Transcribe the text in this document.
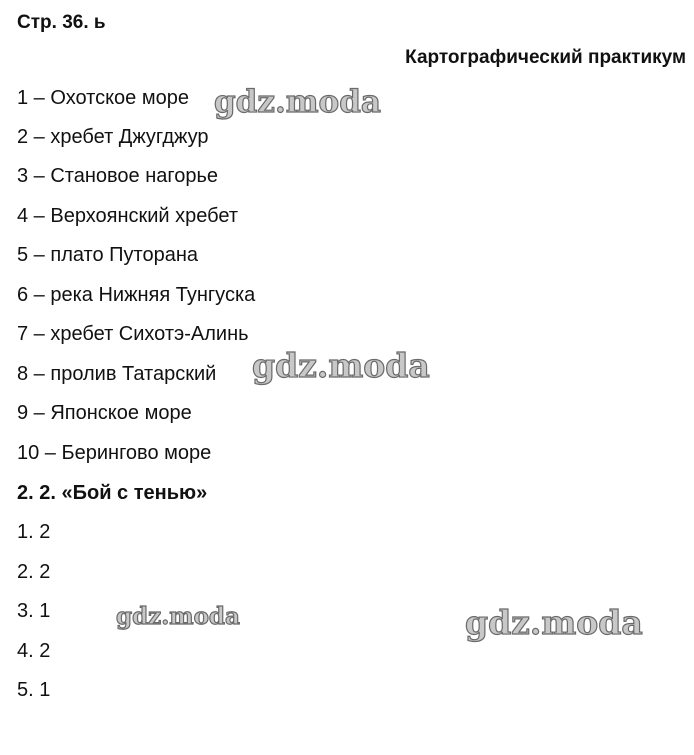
Стр. 36. ь
Картографический практикум
1 – Охотское море
2 – хребет Джугджур
3 – Становое нагорье
4 – Верхоянский хребет
5 – плато Путорана
6 – река Нижняя Тунгуска
7 – хребет Сихотэ-Алинь
8 – пролив Татарский
9 – Японское море
10 – Берингово море
2. 2. «Бой с тенью»
1. 2
2. 2
3. 1
4. 2
5. 1
gdz.moda
gdz.moda
gdz.moda	gdz.moda
